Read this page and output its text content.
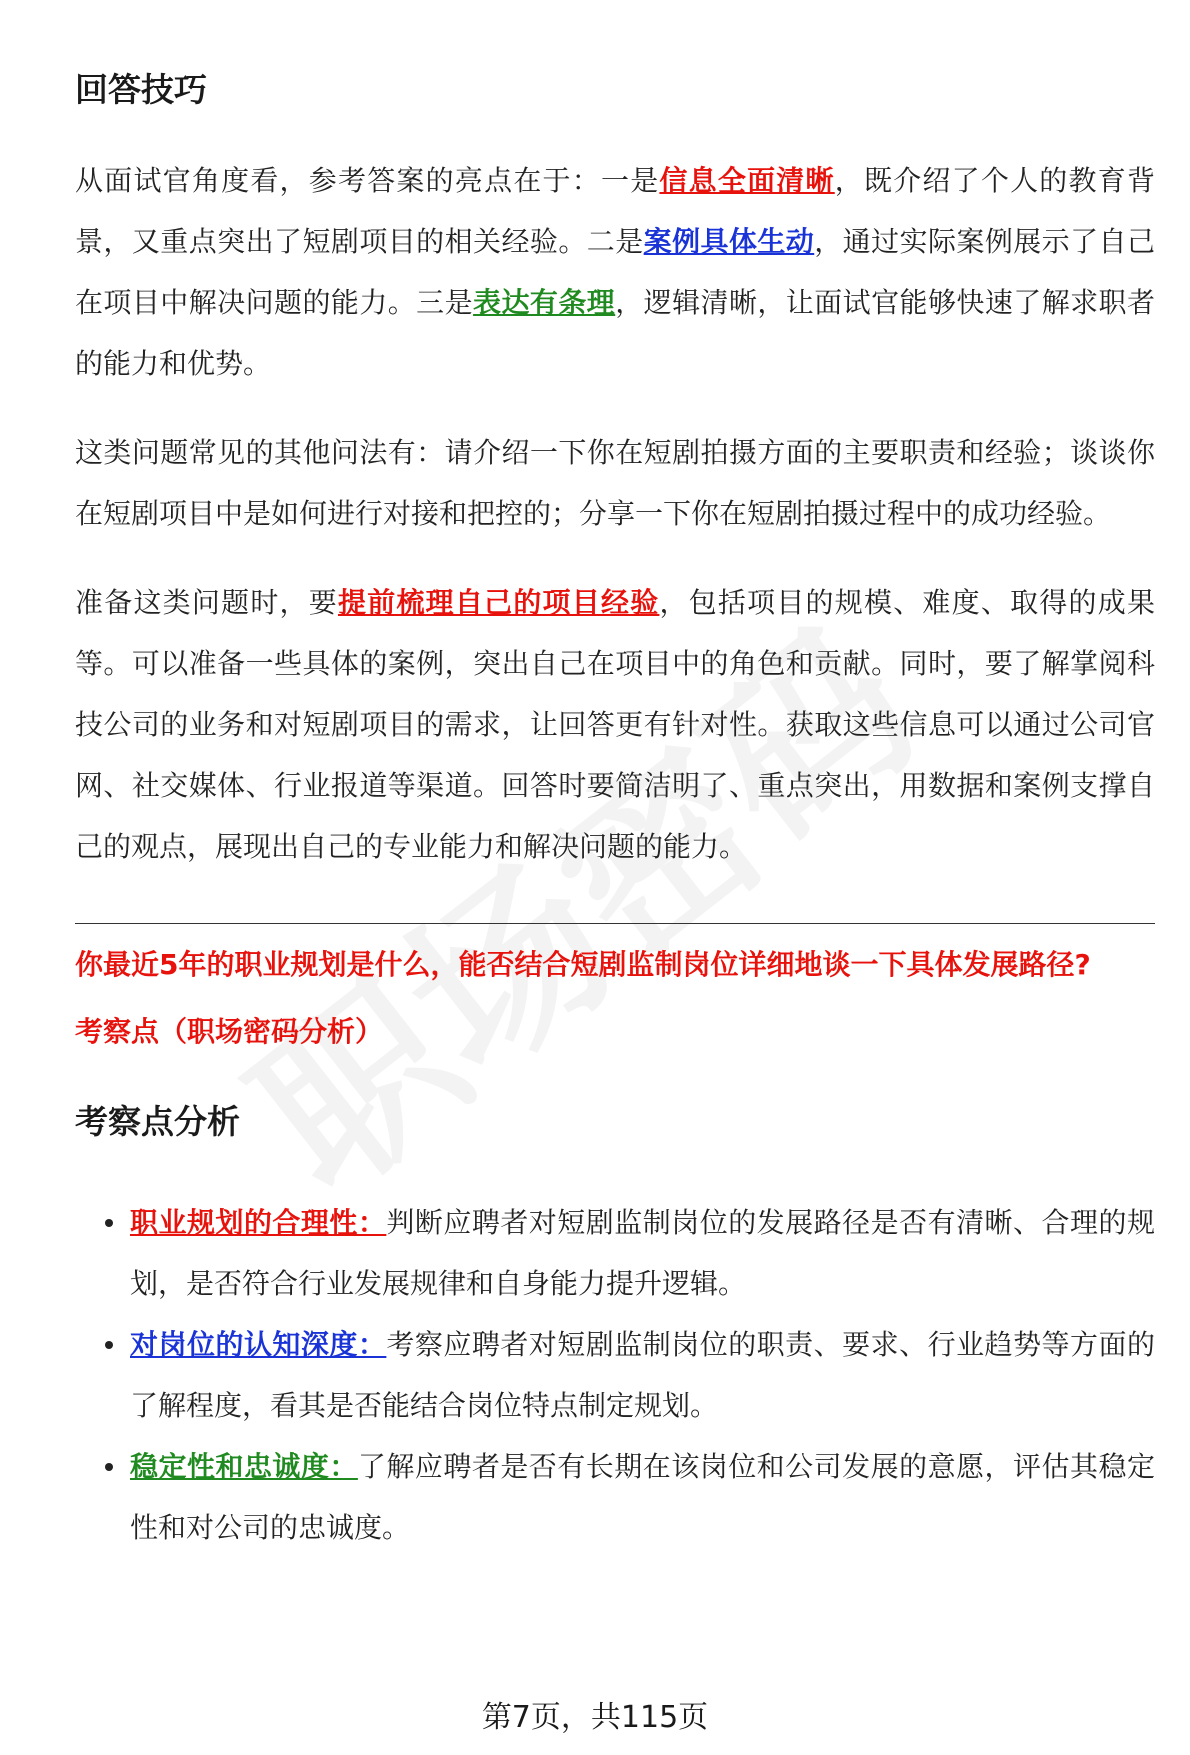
回答技巧

从面试官角度看，参考答案的亮点在于：一是信息全面清晰，既介绍了个人的教育背景，又重点突出了短剧项目的相关经验。二是案例具体生动，通过实际案例展示了自己在项目中解决问题的能力。三是表达有条理，逻辑清晰，让面试官能够快速了解求职者的能力和优势。

这类问题常见的其他问法有：请介绍一下你在短剧拍摄方面的主要职责和经验；谈谈你在短剧项目中是如何进行对接和把控的；分享一下你在短剧拍摄过程中的成功经验。

准备这类问题时，要提前梳理自己的项目经验，包括项目的规模、难度、取得的成果等。可以准备一些具体的案例，突出自己在项目中的角色和贡献。同时，要了解掌阅科技公司的业务和对短剧项目的需求，让回答更有针对性。获取这些信息可以通过公司官网、社交媒体、行业报道等渠道。回答时要简洁明了、重点突出，用数据和案例支撑自己的观点，展现出自己的专业能力和解决问题的能力。

你最近5年的职业规划是什么，能否结合短剧监制岗位详细地谈一下具体发展路径?

考察点（职场密码分析）

考察点分析
职业规划的合理性：判断应聘者对短剧监制岗位的发展路径是否有清晰、合理的规划，是否符合行业发展规律和自身能力提升逻辑。
对岗位的认知深度：考察应聘者对短剧监制岗位的职责、要求、行业趋势等方面的了解程度，看其是否能结合岗位特点制定规划。
稳定性和忠诚度：了解应聘者是否有长期在该岗位和公司发展的意愿，评估其稳定性和对公司的忠诚度。
第7页，共115页
